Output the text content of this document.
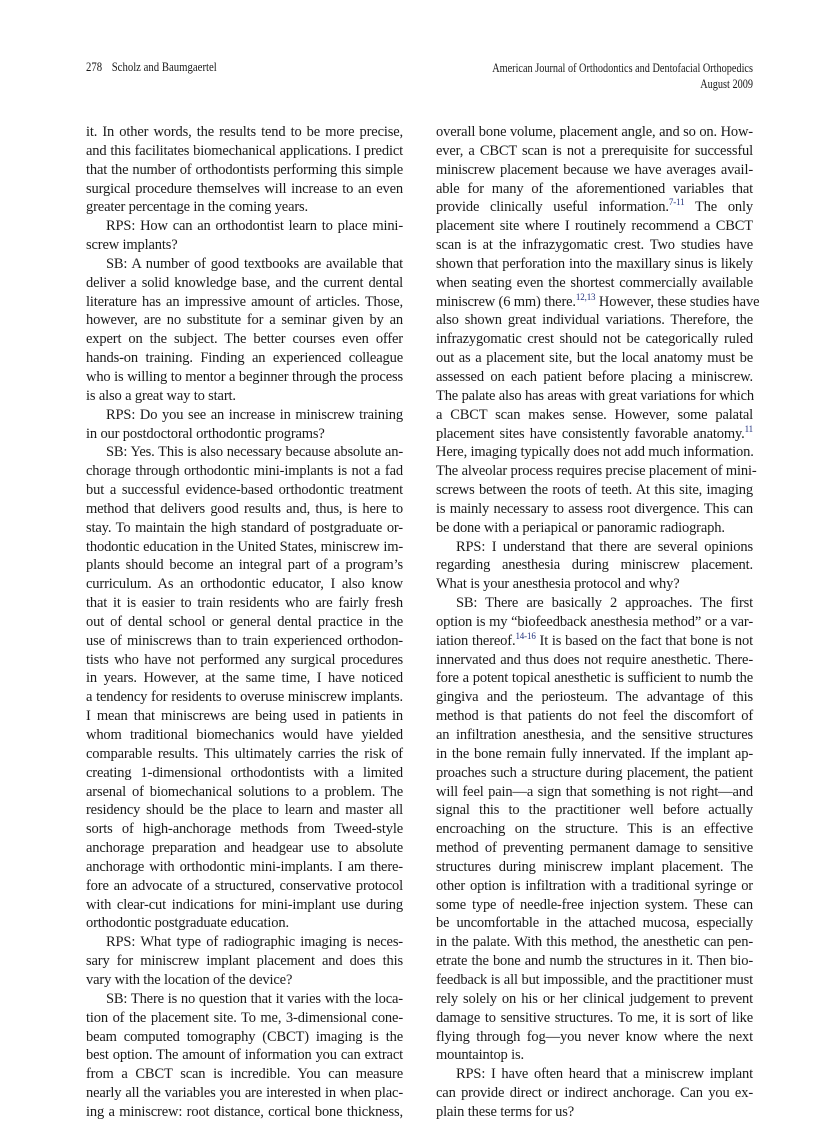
278 Scholz and Baumgaertel	American Journal of Orthodontics and Dentofacial Orthopedics
August 2009
it. In other words, the results tend to be more precise,
and this facilitates biomechanical applications. I predict
that the number of orthodontists performing this simple
surgical procedure themselves will increase to an even
greater percentage in the coming years.
RPS: How can an orthodontist learn to place mini-
screw implants?
SB: A number of good textbooks are available that
deliver a solid knowledge base, and the current dental
literature has an impressive amount of articles. Those,
however, are no substitute for a seminar given by an
expert on the subject. The better courses even offer
hands-on training. Finding an experienced colleague
who is willing to mentor a beginner through the process
is also a great way to start.
RPS: Do you see an increase in miniscrew training
in our postdoctoral orthodontic programs?
SB: Yes. This is also necessary because absolute an-
chorage through orthodontic mini-implants is not a fad
but a successful evidence-based orthodontic treatment
method that delivers good results and, thus, is here to
stay. To maintain the high standard of postgraduate or-
thodontic education in the United States, miniscrew im-
plants should become an integral part of a program’s
curriculum. As an orthodontic educator, I also know
that it is easier to train residents who are fairly fresh
out of dental school or general dental practice in the
use of miniscrews than to train experienced orthodon-
tists who have not performed any surgical procedures
in years. However, at the same time, I have noticed
a tendency for residents to overuse miniscrew implants.
I mean that miniscrews are being used in patients in
whom traditional biomechanics would have yielded
comparable results. This ultimately carries the risk of
creating 1-dimensional orthodontists with a limited
arsenal of biomechanical solutions to a problem. The
residency should be the place to learn and master all
sorts of high-anchorage methods from Tweed-style
anchorage preparation and headgear use to absolute
anchorage with orthodontic mini-implants. I am there-
fore an advocate of a structured, conservative protocol
with clear-cut indications for mini-implant use during
orthodontic postgraduate education.
RPS: What type of radiographic imaging is neces-
sary for miniscrew implant placement and does this
vary with the location of the device?
SB: There is no question that it varies with the loca-
tion of the placement site. To me, 3-dimensional cone-
beam computed tomography (CBCT) imaging is the
best option. The amount of information you can extract
from a CBCT scan is incredible. You can measure
nearly all the variables you are interested in when plac-
ing a miniscrew: root distance, cortical bone thickness,
overall bone volume, placement angle, and so on. How-
ever, a CBCT scan is not a prerequisite for successful
miniscrew placement because we have averages avail-
able for many of the aforementioned variables that
provide clinically useful information.$^{7-11}$ The only
placement site where I routinely recommend a CBCT
scan is at the infrazygomatic crest. Two studies have
shown that perforation into the maxillary sinus is likely
when seating even the shortest commercially available
miniscrew (6 mm) there.$^{12,13}$ However, these studies have
also shown great individual variations. Therefore, the
infrazygomatic crest should not be categorically ruled
out as a placement site, but the local anatomy must be
assessed on each patient before placing a miniscrew.
The palate also has areas with great variations for which
a CBCT scan makes sense. However, some palatal
placement sites have consistently favorable anatomy.$^{11}$
Here, imaging typically does not add much information.
The alveolar process requires precise placement of mini-
screws between the roots of teeth. At this site, imaging
is mainly necessary to assess root divergence. This can
be done with a periapical or panoramic radiograph.
RPS: I understand that there are several opinions
regarding anesthesia during miniscrew placement.
What is your anesthesia protocol and why?
SB: There are basically 2 approaches. The first
option is my “biofeedback anesthesia method” or a var-
iation thereof.$^{14-16}$ It is based on the fact that bone is not
innervated and thus does not require anesthetic. There-
fore a potent topical anesthetic is sufficient to numb the
gingiva and the periosteum. The advantage of this
method is that patients do not feel the discomfort of
an infiltration anesthesia, and the sensitive structures
in the bone remain fully innervated. If the implant ap-
proaches such a structure during placement, the patient
will feel pain—a sign that something is not right—and
signal this to the practitioner well before actually
encroaching on the structure. This is an effective
method of preventing permanent damage to sensitive
structures during miniscrew implant placement. The
other option is infiltration with a traditional syringe or
some type of needle-free injection system. These can
be uncomfortable in the attached mucosa, especially
in the palate. With this method, the anesthetic can pen-
etrate the bone and numb the structures in it. Then bio-
feedback is all but impossible, and the practitioner must
rely solely on his or her clinical judgement to prevent
damage to sensitive structures. To me, it is sort of like
flying through fog—you never know where the next
mountaintop is.
RPS: I have often heard that a miniscrew implant
can provide direct or indirect anchorage. Can you ex-
plain these terms for us?
